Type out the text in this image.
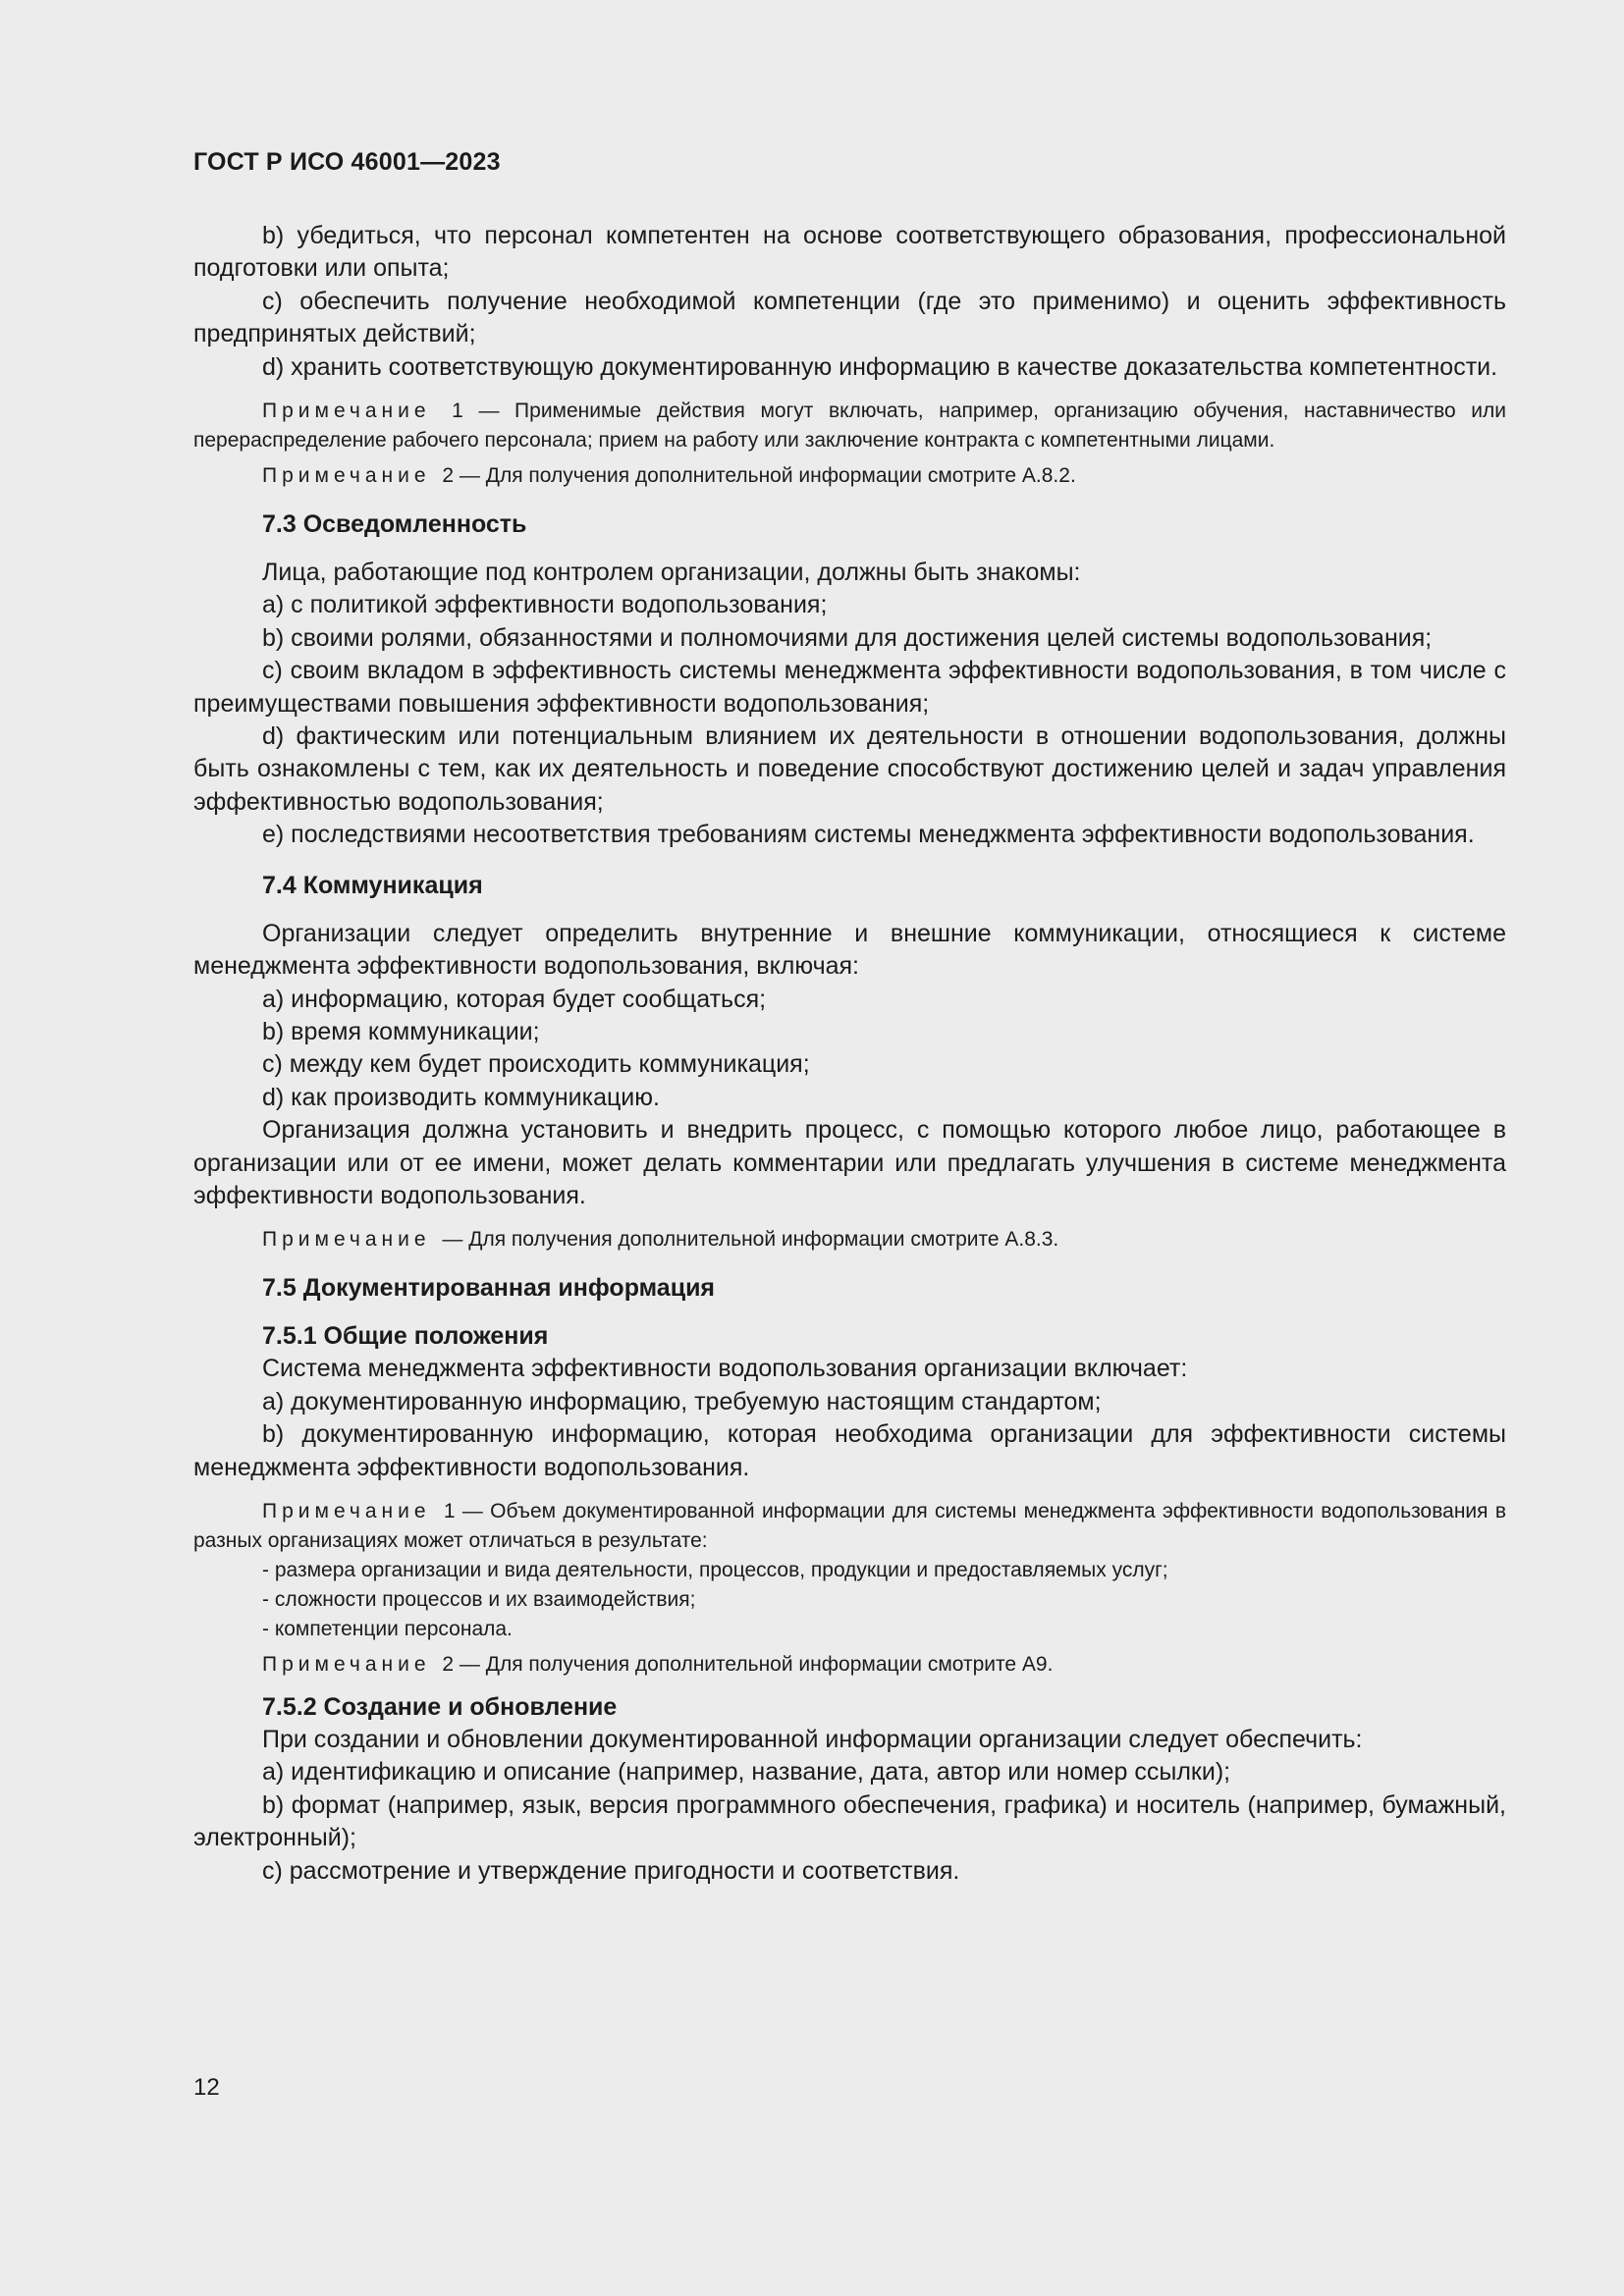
ГОСТ Р ИСО 46001—2023

b) убедиться, что персонал компетентен на основе соответствующего образования, профессиональной подготовки или опыта;

c) обеспечить получение необходимой компетенции (где это применимо) и оценить эффективность предпринятых действий;

d) хранить соответствующую документированную информацию в качестве доказательства компетентности.

Примечание 1 — Применимые действия могут включать, например, организацию обучения, наставничество или перераспределение рабочего персонала; прием на работу или заключение контракта с компетентными лицами.

Примечание 2 — Для получения дополнительной информации смотрите А.8.2.

7.3 Осведомленность

Лица, работающие под контролем организации, должны быть знакомы:

a) с политикой эффективности водопользования;

b) своими ролями, обязанностями и полномочиями для достижения целей системы водопользования;

c) своим вкладом в эффективность системы менеджмента эффективности водопользования, в том числе с преимуществами повышения эффективности водопользования;

d) фактическим или потенциальным влиянием их деятельности в отношении водопользования, должны быть ознакомлены с тем, как их деятельность и поведение способствуют достижению целей и задач управления эффективностью водопользования;

e) последствиями несоответствия требованиям системы менеджмента эффективности водопользования.

7.4 Коммуникация

Организации следует определить внутренние и внешние коммуникации, относящиеся к системе менеджмента эффективности водопользования, включая:

a) информацию, которая будет сообщаться;

b) время коммуникации;

c) между кем будет происходить коммуникация;

d) как производить коммуникацию.

Организация должна установить и внедрить процесс, с помощью которого любое лицо, работающее в организации или от ее имени, может делать комментарии или предлагать улучшения в системе менеджмента эффективности водопользования.

Примечание — Для получения дополнительной информации смотрите А.8.3.

7.5 Документированная информация
7.5.1 Общие положения

Система менеджмента эффективности водопользования организации включает:

a) документированную информацию, требуемую настоящим стандартом;

b) документированную информацию, которая необходима организации для эффективности системы менеджмента эффективности водопользования.

Примечание 1 — Объем документированной информации для системы менеджмента эффективности водопользования в разных организациях может отличаться в результате:

- размера организации и вида деятельности, процессов, продукции и предоставляемых услуг;
- сложности процессов и их взаимодействия;
- компетенции персонала.

Примечание 2 — Для получения дополнительной информации смотрите А9.

7.5.2 Создание и обновление

При создании и обновлении документированной информации организации следует обеспечить:

a) идентификацию и описание (например, название, дата, автор или номер ссылки);

b) формат (например, язык, версия программного обеспечения, графика) и носитель (например, бумажный, электронный);

c) рассмотрение и утверждение пригодности и соответствия.

12
